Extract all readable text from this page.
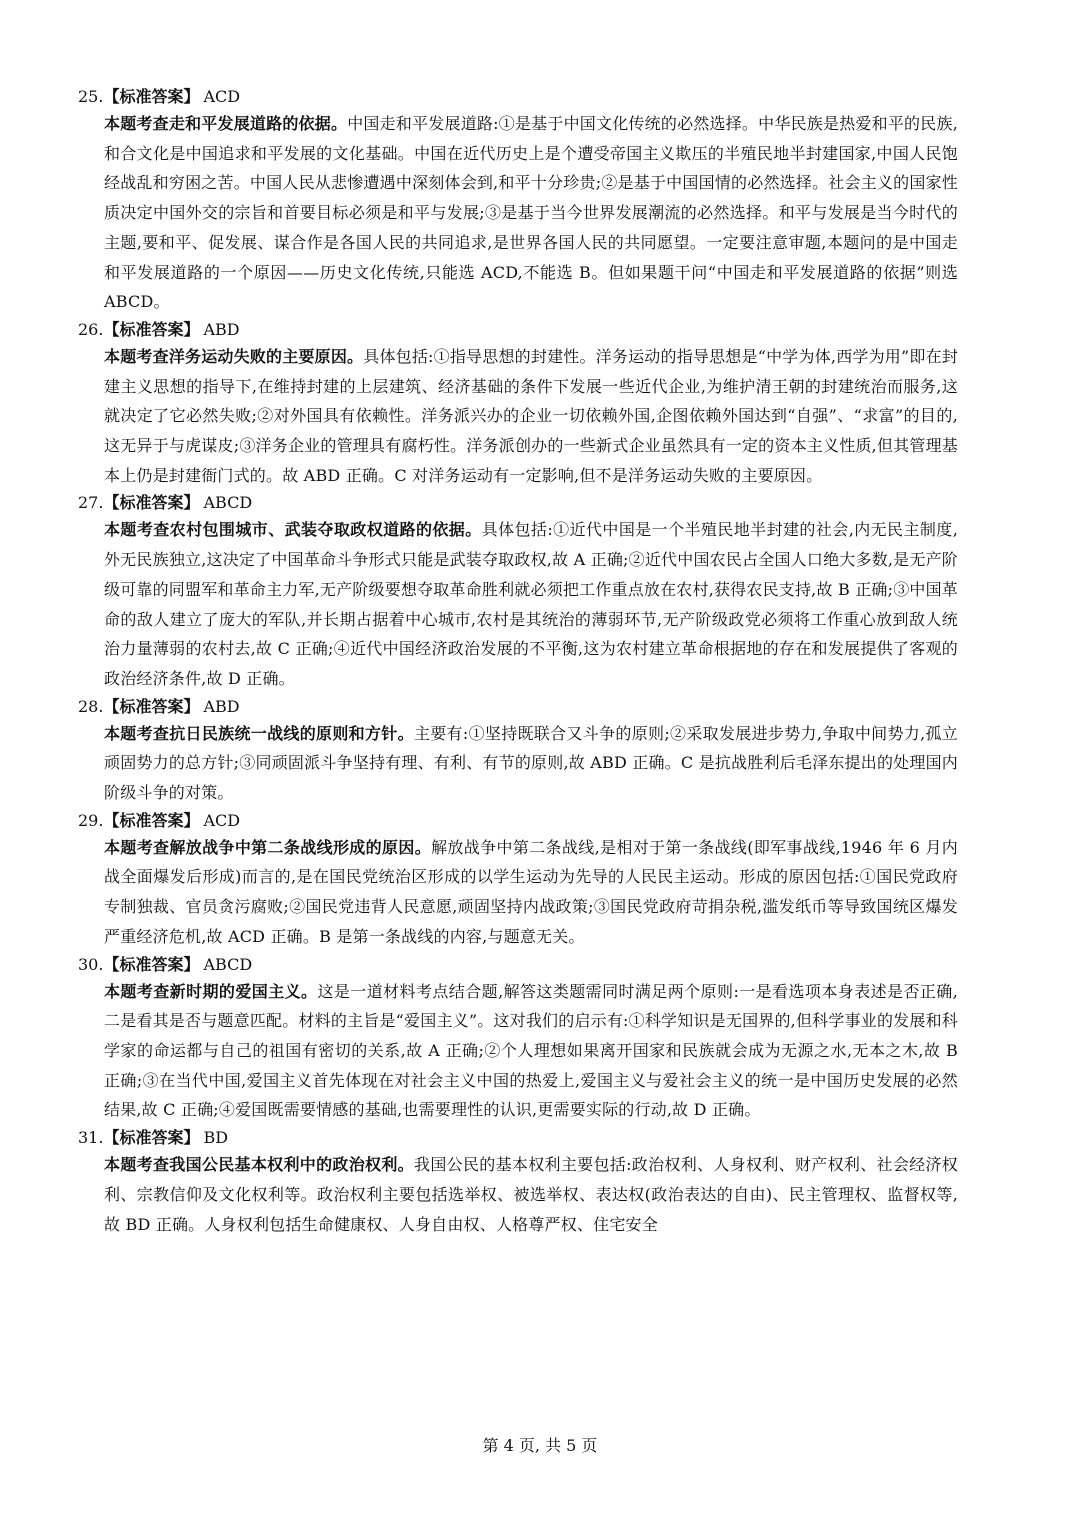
25.【标准答案】 ACD
本题考查走和平发展道路的依据。中国走和平发展道路:①是基于中国文化传统的必然选择。中华民族是热爱和平的民族,和合文化是中国追求和平发展的文化基础。中国在近代历史上是个遭受帝国主义欺压的半殖民地半封建国家,中国人民饱经战乱和穷困之苦。中国人民从悲惨遭遇中深刻体会到,和平十分珍贵;②是基于中国国情的必然选择。社会主义的国家性质决定中国外交的宗旨和首要目标必须是和平与发展;③是基于当今世界发展潮流的必然选择。和平与发展是当今时代的主题,要和平、促发展、谋合作是各国人民的共同追求,是世界各国人民的共同愿望。一定要注意审题,本题问的是中国走和平发展道路的一个原因——历史文化传统,只能选 ACD,不能选 B。但如果题干问“中国走和平发展道路的依据”则选 ABCD。
26.【标准答案】 ABD
本题考查洋务运动失败的主要原因。具体包括:①指导思想的封建性。洋务运动的指导思想是“中学为体,西学为用”即在封建主义思想的指导下,在维持封建的上层建筑、经济基础的条件下发展一些近代企业,为维护清王朝的封建统治而服务,这就决定了它必然失败;②对外国具有依赖性。洋务派兴办的企业一切依赖外国,企图依赖外国达到“自强”、“求富”的目的,这无异于与虎谋皮;③洋务企业的管理具有腐朽性。洋务派创办的一些新式企业虽然具有一定的资本主义性质,但其管理基本上仍是封建衙门式的。故 ABD 正确。C 对洋务运动有一定影响,但不是洋务运动失败的主要原因。
27.【标准答案】 ABCD
本题考查农村包围城市、武装夺取政权道路的依据。具体包括:①近代中国是一个半殖民地半封建的社会,内无民主制度,外无民族独立,这决定了中国革命斗争形式只能是武装夺取政权,故 A 正确;②近代中国农民占全国人口绝大多数,是无产阶级可靠的同盟军和革命主力军,无产阶级要想夺取革命胜利就必须把工作重点放在农村,获得农民支持,故 B 正确;③中国革命的敌人建立了庞大的军队,并长期占据着中心城市,农村是其统治的薄弱环节,无产阶级政党必须将工作重心放到敌人统治力量薄弱的农村去,故 C 正确;④近代中国经济政治发展的不平衡,这为农村建立革命根据地的存在和发展提供了客观的政治经济条件,故 D 正确。
28.【标准答案】 ABD
本题考查抗日民族统一战线的原则和方针。主要有:①坚持既联合又斗争的原则;②采取发展进步势力,争取中间势力,孤立顽固势力的总方针;③同顽固派斗争坚持有理、有利、有节的原则,故 ABD 正确。C 是抗战胜利后毛泽东提出的处理国内阶级斗争的对策。
29.【标准答案】 ACD
本题考查解放战争中第二条战线形成的原因。解放战争中第二条战线,是相对于第一条战线(即军事战线,1946 年 6 月内战全面爆发后形成)而言的,是在国民党统治区形成的以学生运动为先导的人民民主运动。形成的原因包括:①国民党政府专制独裁、官员贪污腐败;②国民党违背人民意愿,顽固坚持内战政策;③国民党政府苛捐杂税,滥发纸币等导致国统区爆发严重经济危机,故 ACD 正确。B 是第一条战线的内容,与题意无关。
30.【标准答案】 ABCD
本题考查新时期的爱国主义。这是一道材料考点结合题,解答这类题需同时满足两个原则:一是看选项本身表述是否正确,二是看其是否与题意匹配。材料的主旨是“爱国主义”。这对我们的启示有:①科学知识是无国界的,但科学事业的发展和科学家的命运都与自己的祖国有密切的关系,故 A 正确;②个人理想如果离开国家和民族就会成为无源之水,无本之木,故 B 正确;③在当代中国,爱国主义首先体现在对社会主义中国的热爱上,爱国主义与爱社会主义的统一是中国历史发展的必然结果,故 C 正确;④爱国既需要情感的基础,也需要理性的认识,更需要实际的行动,故 D 正确。
31.【标准答案】 BD
本题考查我国公民基本权利中的政治权利。我国公民的基本权利主要包括:政治权利、人身权利、财产权利、社会经济权利、宗教信仰及文化权利等。政治权利主要包括选举权、被选举权、表达权(政治表达的自由)、民主管理权、监督权等,故 BD 正确。人身权利包括生命健康权、人身自由权、人格尊严权、住宅安全
第 4 页, 共 5 页
